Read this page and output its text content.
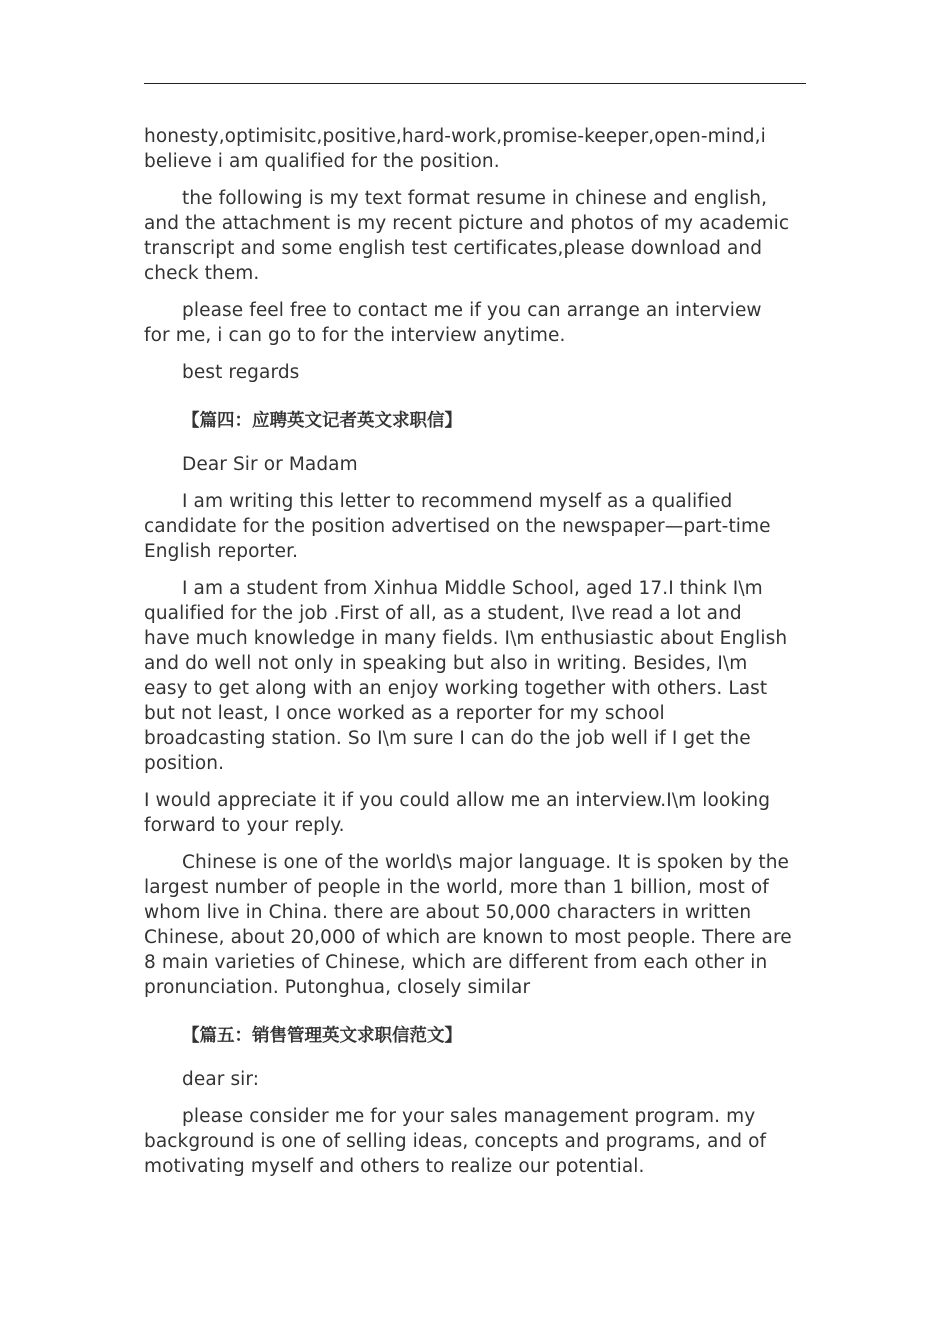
honesty,optimisitc,positive,hard-work,promise-keeper,open-mind,i believe i am qualified for the position.

the following is my text format resume in chinese and english, and the attachment is my recent picture and photos of my academic transcript and some english test certificates,please download and check them.

please feel free to contact me if you can arrange an interview for me, i can go to for the interview anytime.

best regards

【篇四：应聘英文记者英文求职信】

Dear Sir or Madam

I am writing this letter to recommend myself as a qualified candidate for the position advertised on the newspaper—part-time English reporter.

I am a student from Xinhua Middle School, aged 17.I think I\m qualified for the job .First of all, as a student, I\ve read a lot and have much knowledge in many fields. I\m enthusiastic about English and do well not only in speaking but also in writing. Besides, I\m easy to get along with an enjoy working together with others. Last but not least, I once worked as a reporter for my school broadcasting station. So I\m sure I can do the job well if I get the position.

I would appreciate it if you could allow me an interview.I\m looking forward to your reply.

Chinese is one of the world\s major language. It is spoken by the largest number of people in the world, more than 1 billion, most of whom live in China. there are about 50,000 characters in written Chinese, about 20,000 of which are known to most people. There are 8 main varieties of Chinese, which are different from each other in pronunciation. Putonghua, closely similar

【篇五：销售管理英文求职信范文】

dear sir:

please consider me for your sales management program. my background is one of selling ideas, concepts and programs, and of motivating myself and others to realize our potential.
